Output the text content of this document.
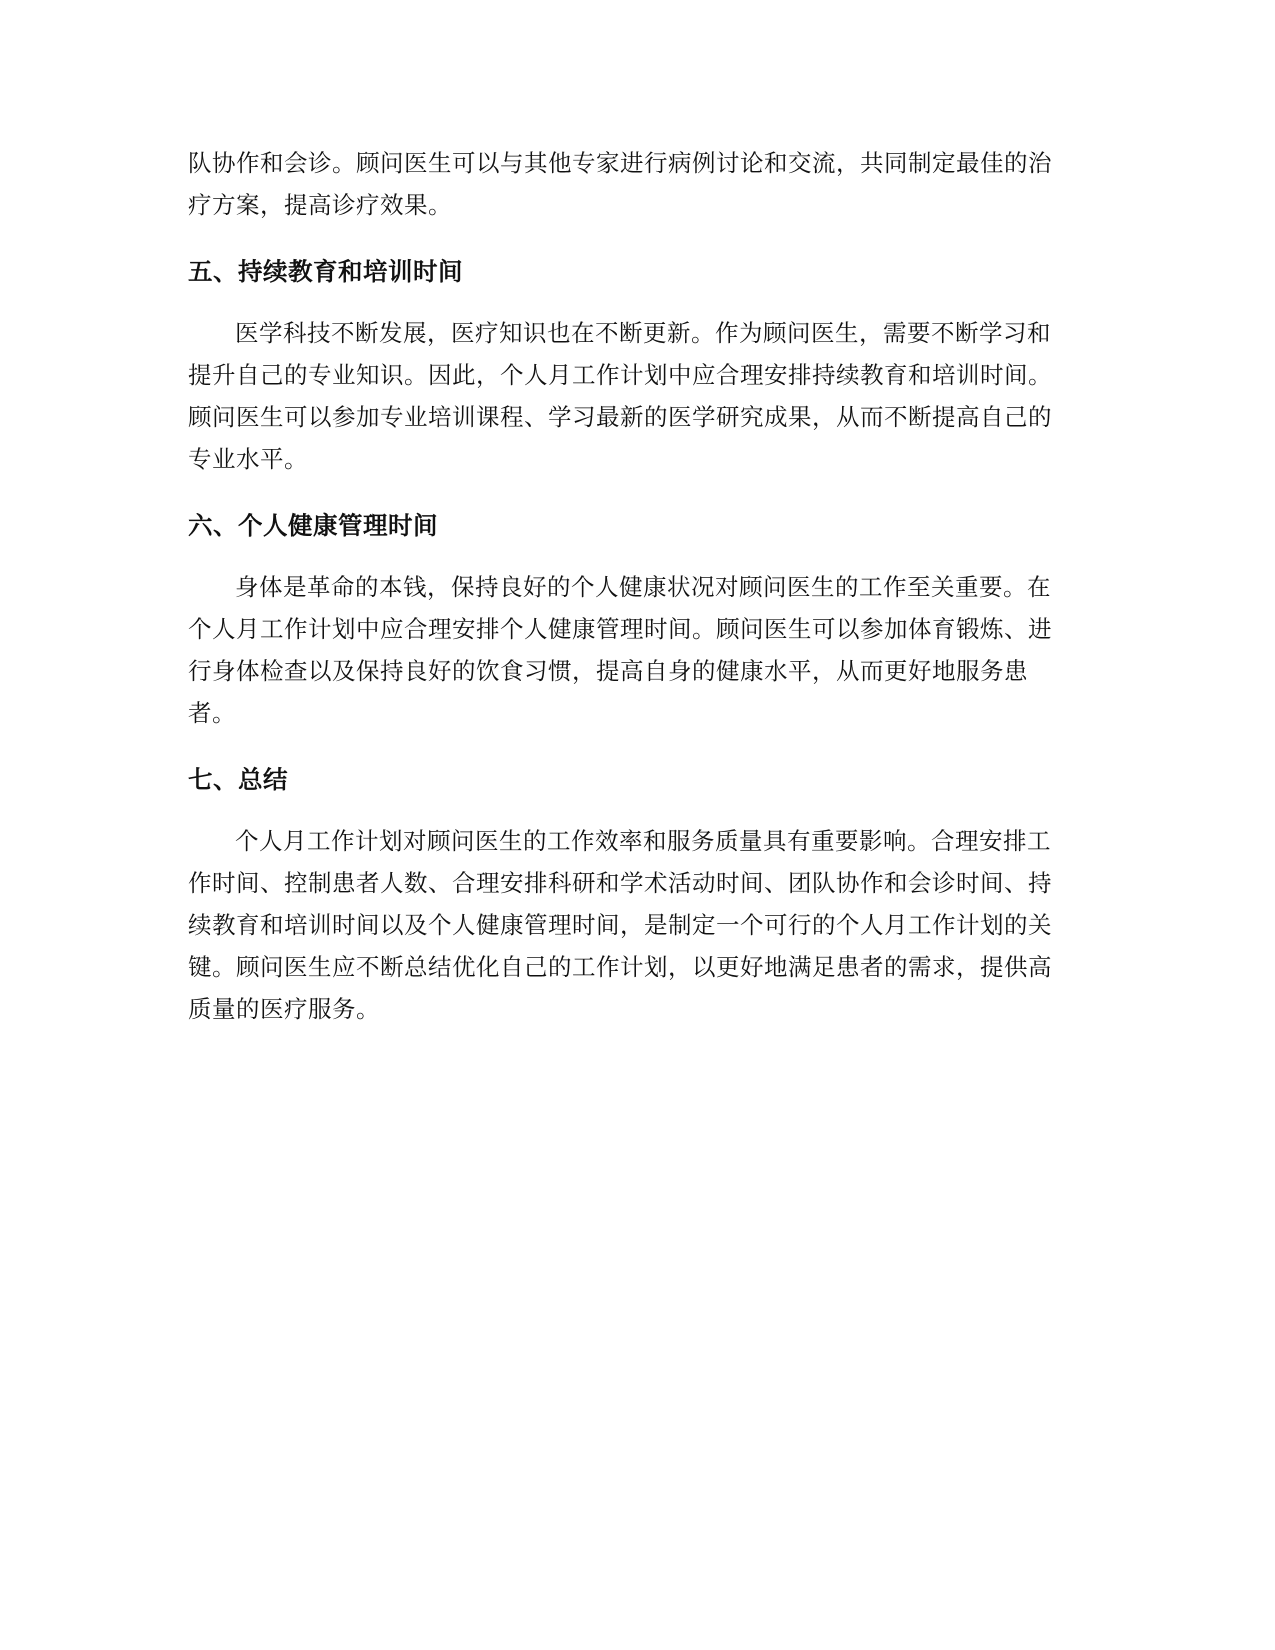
队协作和会诊。顾问医生可以与其他专家进行病例讨论和交流，共同制定最佳的治
疗方案，提高诊疗效果。

五、持续教育和培训时间

医学科技不断发展，医疗知识也在不断更新。作为顾问医生，需要不断学习和
提升自己的专业知识。因此，个人月工作计划中应合理安排持续教育和培训时间。
顾问医生可以参加专业培训课程、学习最新的医学研究成果，从而不断提高自己的
专业水平。

六、个人健康管理时间

身体是革命的本钱，保持良好的个人健康状况对顾问医生的工作至关重要。在
个人月工作计划中应合理安排个人健康管理时间。顾问医生可以参加体育锻炼、进
行身体检查以及保持良好的饮食习惯，提高自身的健康水平，从而更好地服务患
者。

七、总结

个人月工作计划对顾问医生的工作效率和服务质量具有重要影响。合理安排工
作时间、控制患者人数、合理安排科研和学术活动时间、团队协作和会诊时间、持
续教育和培训时间以及个人健康管理时间，是制定一个可行的个人月工作计划的关
键。顾问医生应不断总结优化自己的工作计划，以更好地满足患者的需求，提供高
质量的医疗服务。
